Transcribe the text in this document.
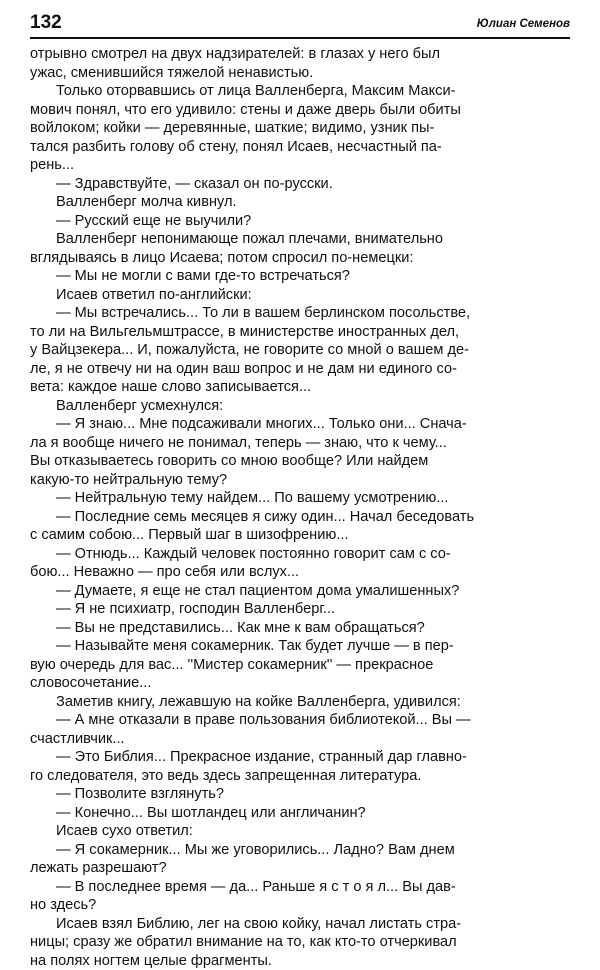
132	Юлиан Семенов
отрывно смотрел на двух надзирателей: в глазах у него был
ужас, сменившийся тяжелой ненавистью.
Только оторвавшись от лица Валленберга, Максим Макси-
мович понял, что его удивило: стены и даже дверь были обиты
войлоком; койки — деревянные, шаткие; видимо, узник пы-
тался разбить голову об стену, понял Исаев, несчастный па-
рень...
— Здравствуйте, — сказал он по-русски.
Валленберг молча кивнул.
— Русский еще не выучили?
Валленберг непонимающе пожал плечами, внимательно
вглядываясь в лицо Исаева; потом спросил по-немецки:
— Мы не могли с вами где-то встречаться?
Исаев ответил по-английски:
— Мы встречались... То ли в вашем берлинском посольстве,
то ли на Вильгельмштрассе, в министерстве иностранных дел,
у Вайцзекера... И, пожалуйста, не говорите со мной о вашем де-
ле, я не отвечу ни на один ваш вопрос и не дам ни единого со-
вета: каждое наше слово записывается...
Валленберг усмехнулся:
— Я знаю... Мне подсаживали многих... Только они... Снача-
ла я вообще ничего не понимал, теперь — знаю, что к чему...
Вы отказываетесь говорить со мною вообще? Или найдем
какую-то нейтральную тему?
— Нейтральную тему найдем... По вашему усмотрению...
— Последние семь месяцев я сижу один... Начал беседовать
с самим собою... Первый шаг в шизофрению...
— Отнюдь... Каждый человек постоянно говорит сам с со-
бою... Неважно — про себя или вслух...
— Думаете, я еще не стал пациентом дома умалишенных?
— Я не психиатр, господин Валленберг...
— Вы не представились... Как мне к вам обращаться?
— Называйте меня сокамерник. Так будет лучше — в пер-
вую очередь для вас... ''Мистер сокамерник'' — прекрасное
словосочетание...
Заметив книгу, лежавшую на койке Валленберга, удивился:
— А мне отказали в праве пользования библиотекой... Вы —
счастливчик...
— Это Библия... Прекрасное издание, странный дар главно-
го следователя, это ведь здесь запрещенная литература.
— Позволите взглянуть?
— Конечно... Вы шотландец или англичанин?
Исаев сухо ответил:
— Я сокамерник... Мы же уговорились... Ладно? Вам днем
лежать разрешают?
— В последнее время — да... Раньше я с т о я л... Вы дав-
но здесь?
Исаев взял Библию, лег на свою койку, начал листать стра-
ницы; сразу же обратил внимание на то, как кто-то отчеркивал
на полях ногтем целые фрагменты.
